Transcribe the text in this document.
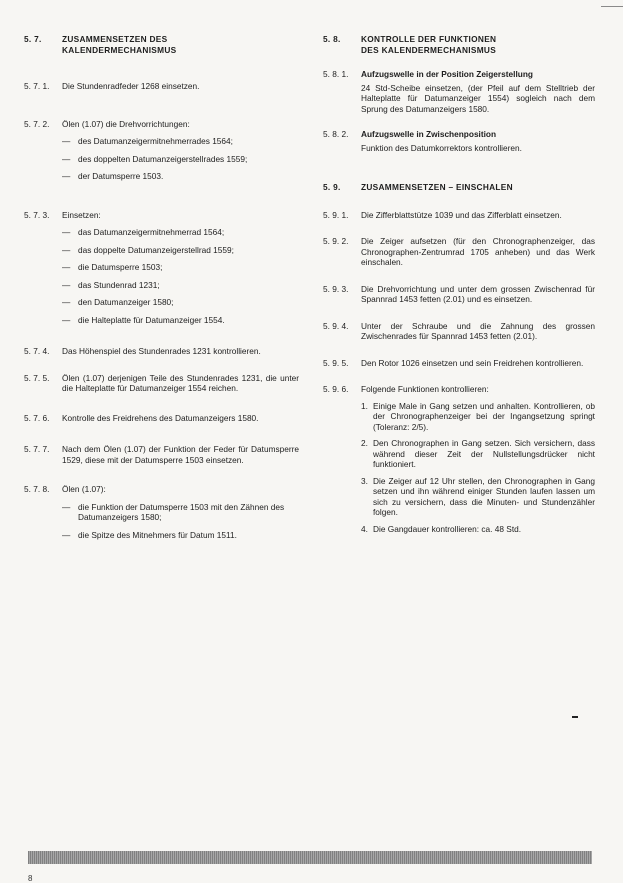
5. 7.	ZUSAMMENSETZEN DES
KALENDERMECHANISMUS
5. 7. 1.	Die Stundenradfeder 1268 einsetzen.
5. 7. 2.	Ölen (1.07) die Drehvorrichtungen:
— des Datumanzeigermitnehmerrades 1564;
— des doppelten Datumanzeigerstellrades 1559;
— der Datumsperre 1503.
5. 7. 3.	Einsetzen:
— das Datumanzeigermitnehmerrad 1564;
— das doppelte Datumanzeigerstellrad 1559;
— die Datumsperre 1503;
— das Stundenrad 1231;
— den Datumanzeiger 1580;
— die Halteplatte für Datumanzeiger 1554.
5. 7. 4.	Das Höhenspiel des Stundenrades 1231 kontrollieren.
5. 7. 5.	Ölen (1.07) derjenigen Teile des Stundenrades 1231, die unter die Halteplatte für Datumanzeiger 1554 reichen.
5. 7. 6.	Kontrolle des Freidrehens des Datumanzeigers 1580.
5. 7. 7.	Nach dem Ölen (1.07) der Funktion der Feder für Datumsperre 1529, diese mit der Datumsperre 1503 einsetzen.
5. 7. 8.	Ölen (1.07):
— die Funktion der Datumsperre 1503 mit den Zähnen des Datumanzeigers 1580;
— die Spitze des Mitnehmers für Datum 1511.
5. 8.	KONTROLLE DER FUNKTIONEN
DES KALENDERMECHANISMUS
5. 8. 1.	Aufzugswelle in der Position Zeigerstellung
24 Std-Scheibe einsetzen, (der Pfeil auf dem Stelltrieb der Halteplatte für Datumanzeiger 1554) sogleich nach dem Sprung des Datumanzeigers 1580.
5. 8. 2.	Aufzugswelle in Zwischenposition
Funktion des Datumkorrektors kontrollieren.
5. 9.	ZUSAMMENSETZEN – EINSCHALEN
5. 9. 1.	Die Zifferblattstütze 1039 und das Zifferblatt einsetzen.
5. 9. 2.	Die Zeiger aufsetzen (für den Chronographenzeiger, das Chronographen-Zentrumrad 1705 anheben) und das Werk einschalen.
5. 9. 3.	Die Drehvorrichtung und unter dem grossen Zwischenrad für Spannrad 1453 fetten (2.01) und es einsetzen.
5. 9. 4.	Unter der Schraube und die Zahnung des grossen Zwischenrades für Spannrad 1453 fetten (2.01).
5. 9. 5.	Den Rotor 1026 einsetzen und sein Freidrehen kontrollieren.
5. 9. 6.	Folgende Funktionen kontrollieren:
1. Einige Male in Gang setzen und anhalten. Kontrollieren, ob der Chronographenzeiger bei der Ingangsetzung springt (Toleranz: 2/5).
2. Den Chronographen in Gang setzen. Sich versichern, dass während dieser Zeit der Nullstellungsdrücker nicht funktioniert.
3. Die Zeiger auf 12 Uhr stellen, den Chronographen in Gang setzen und ihn während einiger Stunden laufen lassen um sich zu versichern, dass die Minuten- und Stundenzähler folgen.
4. Die Gangdauer kontrollieren: ca. 48 Std.
8
